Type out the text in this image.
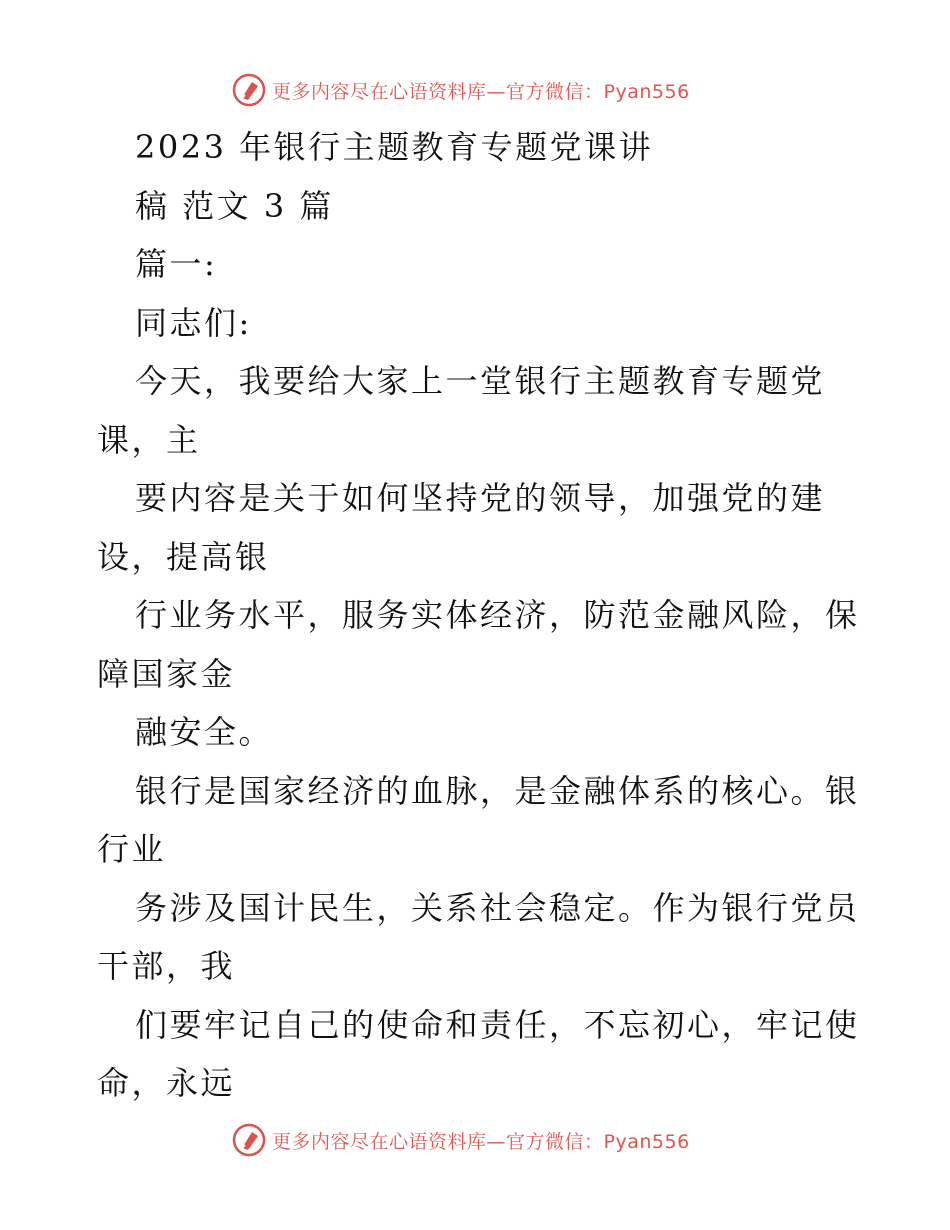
更多内容尽在心语资料库—官方微信：Pyan556
2023 年银行主题教育专题党课讲
稿 范文 3 篇
篇一:
同志们:
今天，我要给大家上一堂银行主题教育专题党
课，主
要内容是关于如何坚持党的领导，加强党的建
设，提高银
行业务水平，服务实体经济，防范金融风险，保
障国家金
融安全。
银行是国家经济的血脉，是金融体系的核心。银
行业
务涉及国计民生，关系社会稳定。作为银行党员
干部，我
们要牢记自己的使命和责任，不忘初心，牢记使
命，永远
更多内容尽在心语资料库—官方微信：Pyan556
